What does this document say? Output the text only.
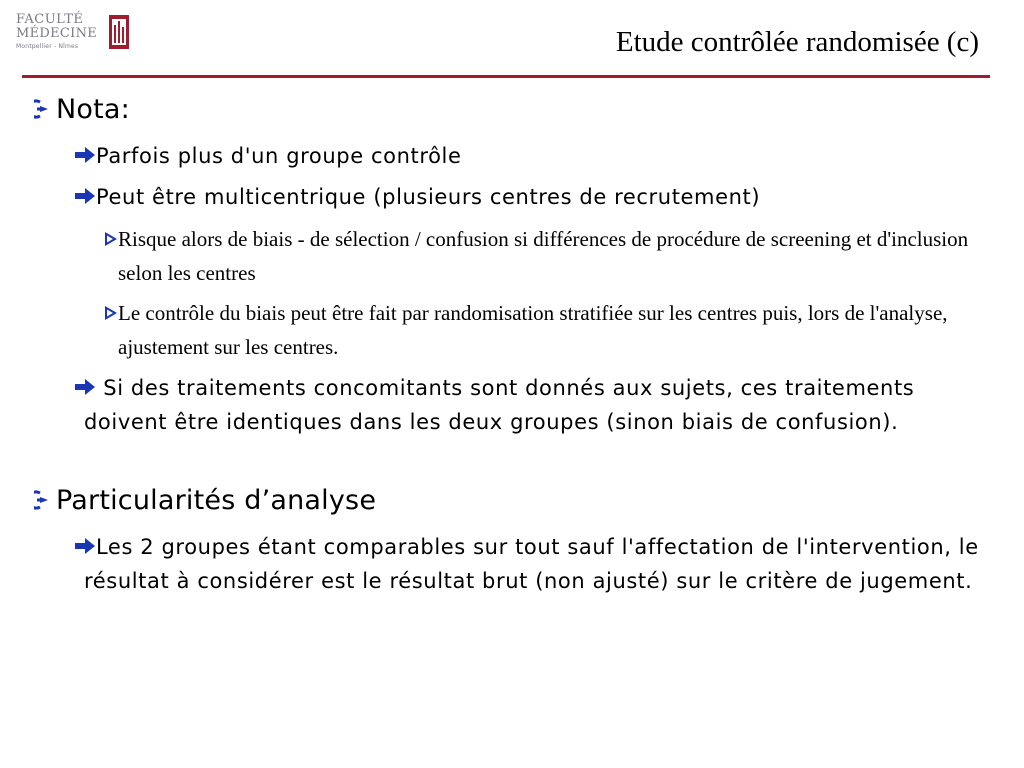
FACULTÉ
MÉDECINE
Montpellier - Nîmes	Etude contrôlée randomisée (c)
Nota:
Parfois plus d'un groupe contrôle
Peut être multicentrique (plusieurs centres de recrutement)
Risque alors de biais - de sélection / confusion si différences de procédure de screening et d'inclusion selon les centres
Le contrôle du biais peut être fait par randomisation stratifiée sur les centres puis, lors de l'analyse, ajustement sur les centres.
Si des traitements concomitants sont donnés aux sujets, ces traitements doivent être identiques dans les deux groupes (sinon biais de confusion).
Particularités d’analyse
Les 2 groupes étant comparables sur tout sauf l'affectation de l'intervention, le résultat à considérer est le résultat brut (non ajusté) sur le critère de jugement.
